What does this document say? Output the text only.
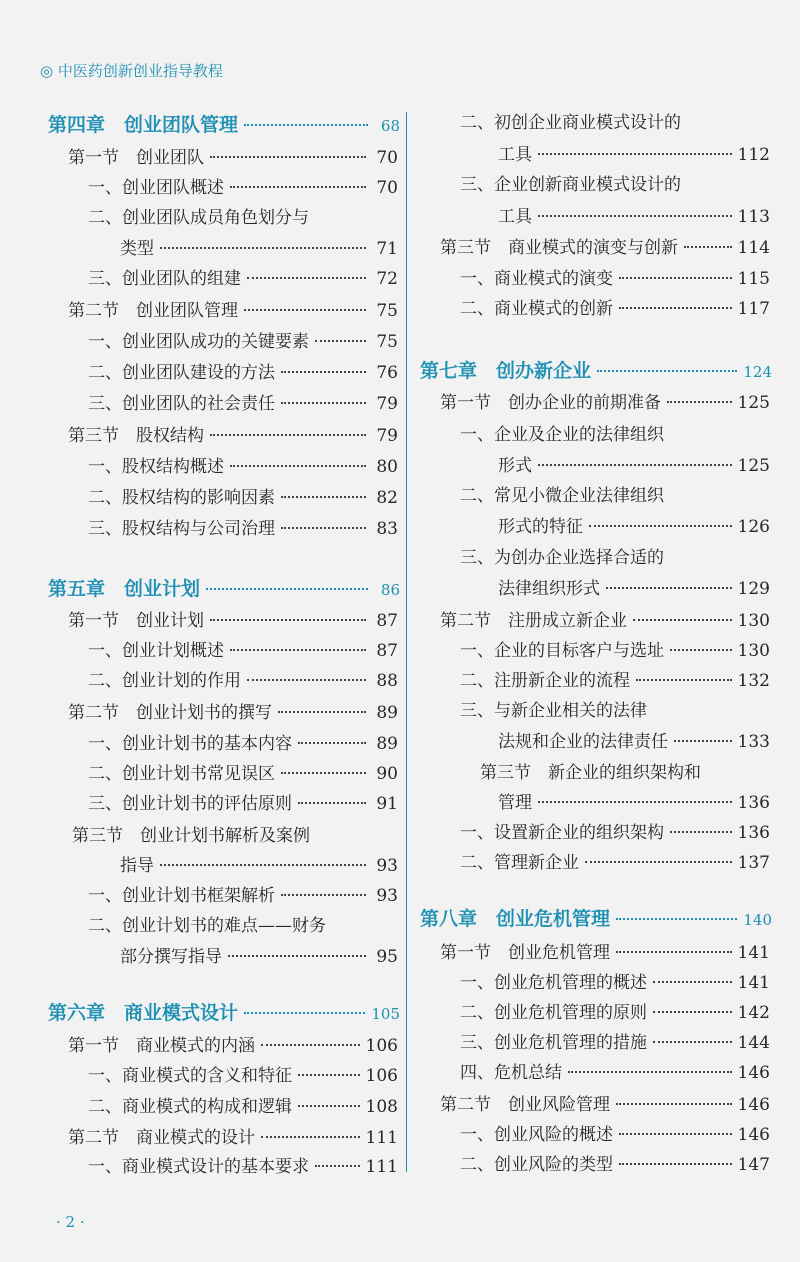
◎ 中医药创新创业指导教程
第四章　创业团队管理	68
第一节　创业团队	70
一、创业团队概述	70
二、创业团队成员角色划分与
类型	71
三、创业团队的组建	72
第二节　创业团队管理	75
一、创业团队成功的关键要素	75
二、创业团队建设的方法	76
三、创业团队的社会责任	79
第三节　股权结构	79
一、股权结构概述	80
二、股权结构的影响因素	82
三、股权结构与公司治理	83
第五章　创业计划	86
第一节　创业计划	87
一、创业计划概述	87
二、创业计划的作用	88
第二节　创业计划书的撰写	89
一、创业计划书的基本内容	89
二、创业计划书常见误区	90
三、创业计划书的评估原则	91
第三节　创业计划书解析及案例
指导	93
一、创业计划书框架解析	93
二、创业计划书的难点——财务
部分撰写指导	95
第六章　商业模式设计	105
第一节　商业模式的内涵	106
一、商业模式的含义和特征	106
二、商业模式的构成和逻辑	108
第二节　商业模式的设计	111
一、商业模式设计的基本要求	111
二、初创企业商业模式设计的
工具	112
三、企业创新商业模式设计的
工具	113
第三节　商业模式的演变与创新	114
一、商业模式的演变	115
二、商业模式的创新	117
第七章　创办新企业	124
第一节　创办企业的前期准备	125
一、企业及企业的法律组织
形式	125
二、常见小微企业法律组织
形式的特征	126
三、为创办企业选择合适的
法律组织形式	129
第二节　注册成立新企业	130
一、企业的目标客户与选址	130
二、注册新企业的流程	132
三、与新企业相关的法律
法规和企业的法律责任	133
第三节　新企业的组织架构和
管理	136
一、设置新企业的组织架构	136
二、管理新企业	137
第八章　创业危机管理	140
第一节　创业危机管理	141
一、创业危机管理的概述	141
二、创业危机管理的原则	142
三、创业危机管理的措施	144
四、危机总结	146
第二节　创业风险管理	146
一、创业风险的概述	146
二、创业风险的类型	147
· 2 ·
